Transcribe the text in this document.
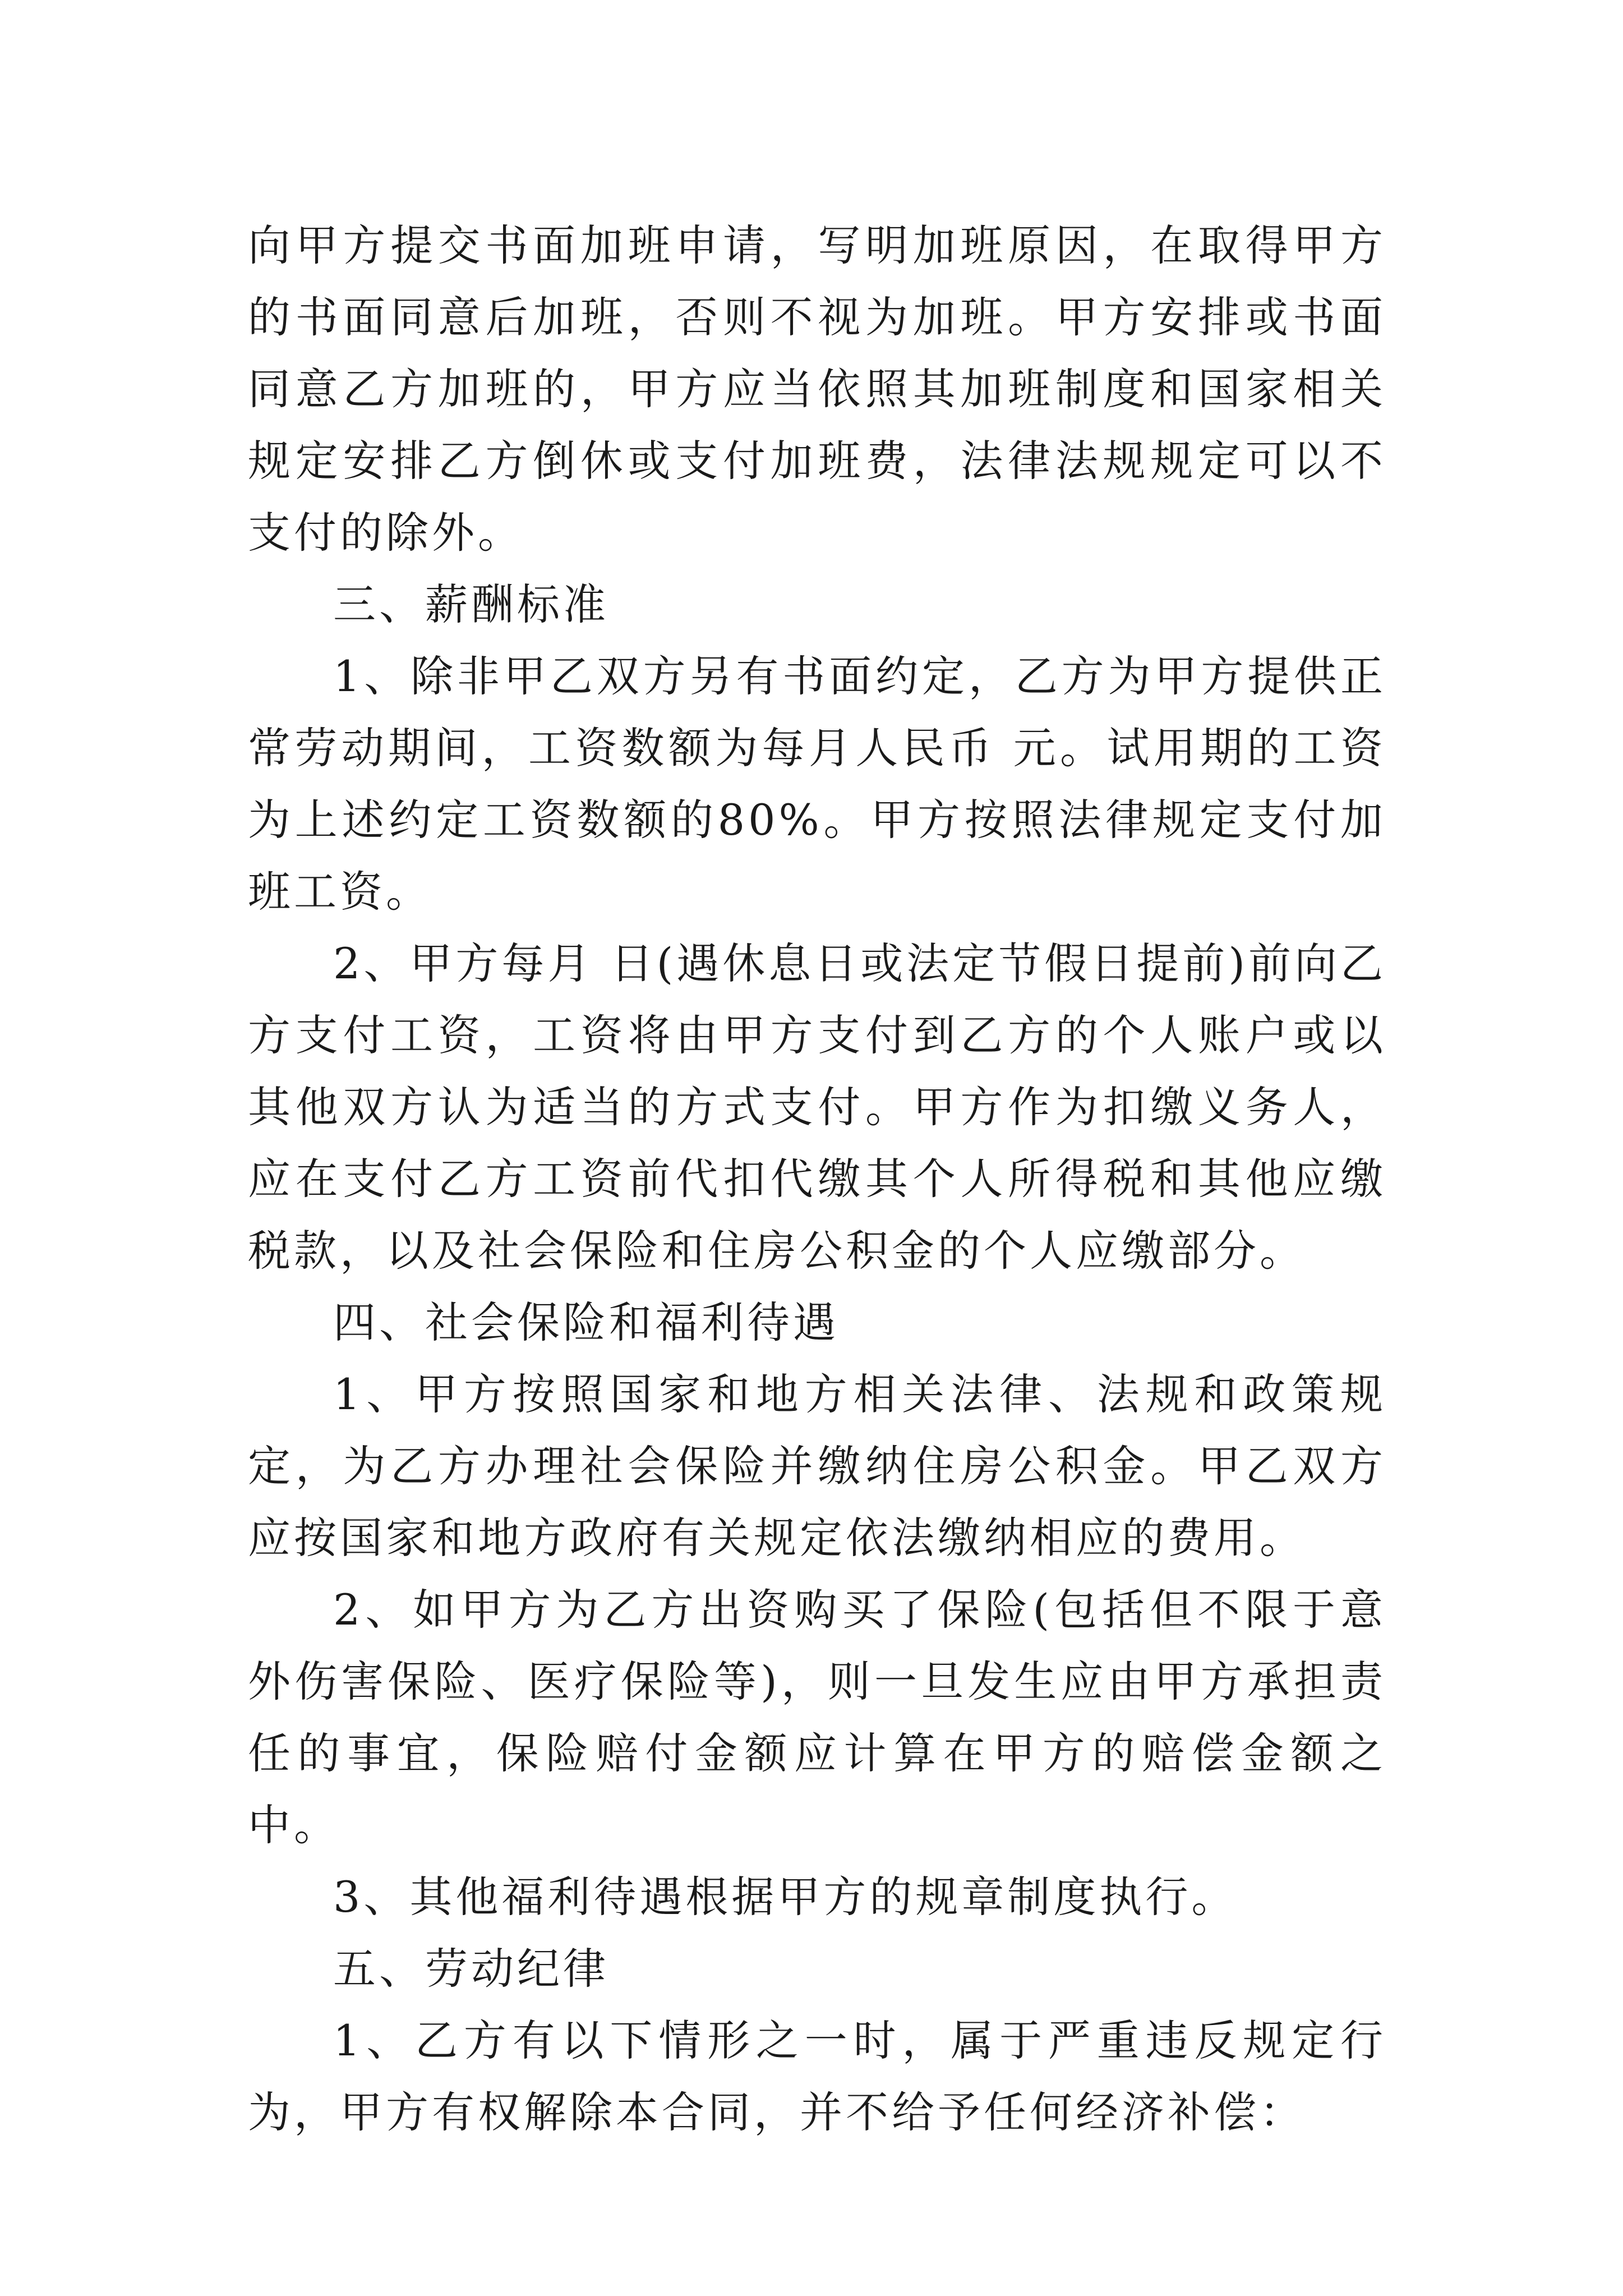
向甲方提交书面加班申请，写明加班原因，在取得甲方的书面同意后加班，否则不视为加班。甲方安排或书面同意乙方加班的，甲方应当依照其加班制度和国家相关规定安排乙方倒休或支付加班费，法律法规规定可以不支付的除外。

三、薪酬标准

1、除非甲乙双方另有书面约定，乙方为甲方提供正常劳动期间，工资数额为每月人民币 元。试用期的工资为上述约定工资数额的80%。甲方按照法律规定支付加班工资。

2、甲方每月 日(遇休息日或法定节假日提前)前向乙方支付工资，工资将由甲方支付到乙方的个人账户或以其他双方认为适当的方式支付。甲方作为扣缴义务人，应在支付乙方工资前代扣代缴其个人所得税和其他应缴税款，以及社会保险和住房公积金的个人应缴部分。

四、社会保险和福利待遇

1、甲方按照国家和地方相关法律、法规和政策规定，为乙方办理社会保险并缴纳住房公积金。甲乙双方应按国家和地方政府有关规定依法缴纳相应的费用。

2、如甲方为乙方出资购买了保险(包括但不限于意外伤害保险、医疗保险等)，则一旦发生应由甲方承担责任的事宜，保险赔付金额应计算在甲方的赔偿金额之中。

3、其他福利待遇根据甲方的规章制度执行。

五、劳动纪律

1、乙方有以下情形之一时，属于严重违反规定行为，甲方有权解除本合同，并不给予任何经济补偿：
